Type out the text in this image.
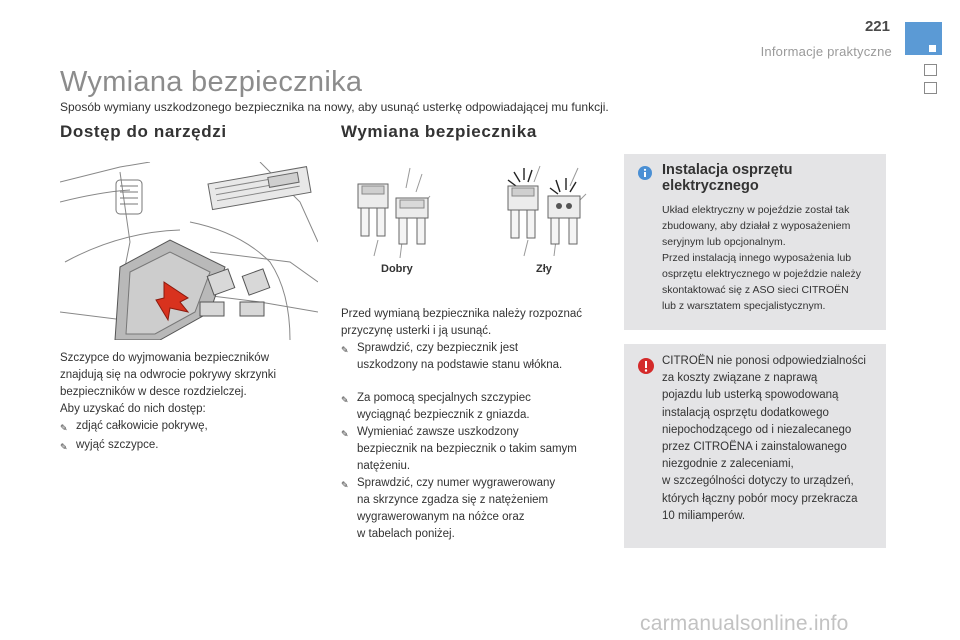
221
Informacje praktyczne
Wymiana bezpiecznika
Sposób wymiany uszkodzonego bezpiecznika na nowy, aby usunąć usterkę odpowiadającej mu funkcji.
Dostęp do narzędzi

Szczypce do wyjmowania bezpieczników

znajdują się na odwrocie pokrywy skrzynki

bezpieczników w desce rozdzielczej.

Aby uzyskać do nich dostęp:

✎ zdjąć całkowicie pokrywę,
✎ wyjąć szczypce.
Wymiana bezpiecznika
Dobry	Zły

Przed wymianą bezpiecznika należy rozpoznać

przyczynę usterki i ją usunąć.

✎ Sprawdzić, czy bezpiecznik jest
uszkodzony na podstawie stanu włókna.
✎ Za pomocą specjalnych szczypiec
wyciągnąć bezpiecznik z gniazda.
✎ Wymieniać zawsze uszkodzony
bezpiecznik na bezpiecznik o takim samym
natężeniu.
✎ Sprawdzić, czy numer wygrawerowany
na skrzynce zgadza się z natężeniem
wygrawerowanym na nóżce oraz
w tabelach poniżej.
Instalacja osprzętu
elektrycznego

Układ elektryczny w pojeździe został tak

zbudowany, aby działał z wyposażeniem

seryjnym lub opcjonalnym.

Przed instalacją innego wyposażenia lub

osprzętu elektrycznego w pojeździe należy

skontaktować się z ASO sieci CITROËN

lub z warsztatem specjalistycznym.

CITROËN nie ponosi odpowiedzialności
za koszty związane z naprawą
pojazdu lub usterką spowodowaną
instalacją osprzętu dodatkowego
niepochodzącego od i niezalecanego
przez CITROËNA i zainstalowanego
niezgodnie z zaleceniami,
w szczególności dotyczy to urządzeń,
których łączny pobór mocy przekracza
10 miliamperów.
carmanualsonline.info
